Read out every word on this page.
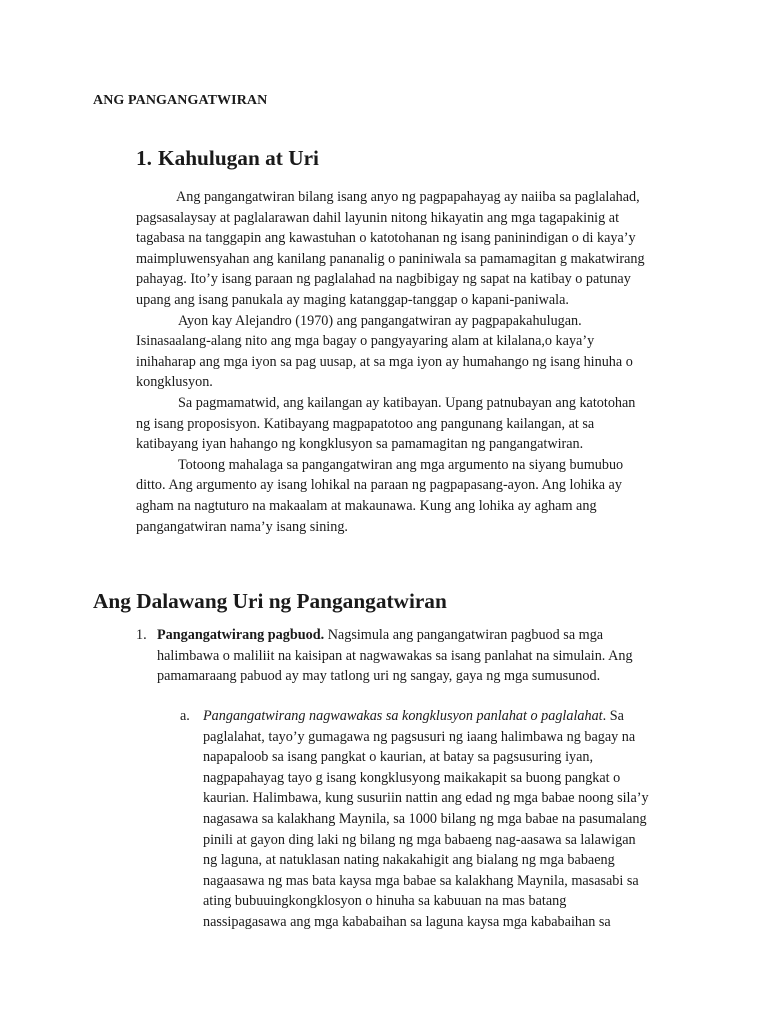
ANG PANGANGATWIRAN
1. Kahulugan at Uri

Ang pangangatwiran bilang isang anyo ng pagpapahayag ay naiiba sa paglalahad,
pagsasalaysay at paglalarawan dahil layunin nitong hikayatin ang mga tagapakinig at
tagabasa na tanggapin ang kawastuhan o katotohanan ng isang paninindigan o di kaya’y
maimpluwensyahan ang kanilang pananalig o paniniwala sa pamamagitan g makatwirang
pahayag. Ito’y isang paraan ng paglalahad na nagbibigay ng sapat na katibay o patunay
upang ang isang panukala ay maging katanggap-tanggap o kapani-paniwala.

Ayon kay Alejandro (1970) ang pangangatwiran ay pagpapakahulugan.
Isinasaalang-alang nito ang mga bagay o pangyayaring alam at kilalana,o kaya’y
inihaharap ang mga iyon sa pag uusap, at sa mga iyon ay humahango ng isang hinuha o
kongklusyon.

Sa pagmamatwid, ang kailangan ay katibayan. Upang patnubayan ang katotohan
ng isang proposisyon. Katibayang magpapatotoo ang pangunang kailangan, at sa
katibayang iyan hahango ng kongklusyon sa pamamagitan ng pangangatwiran.

Totoong mahalaga sa pangangatwiran ang mga argumento na siyang bumubuo
ditto. Ang argumento ay isang lohikal na paraan ng pagpapasang-ayon. Ang lohika ay
agham na nagtuturo na makaalam at makaunawa. Kung ang lohika ay agham ang
pangangatwiran nama’y isang sining.

Ang Dalawang Uri ng Pangangatwiran
1. Pangangatwirang pagbuod. Nagsimula ang pangangatwiran pagbuod sa mga
halimbawa o maliliit na kaisipan at nagwawakas sa isang panlahat na simulain. Ang
pamamaraang pabuod ay may tatlong uri ng sangay, gaya ng mga sumusunod.
a. Pangangatwirang nagwawakas sa kongklusyon panlahat o paglalahat. Sa
paglalahat, tayo’y gumagawa ng pagsusuri ng iaang halimbawa ng bagay na
napapaloob sa isang pangkat o kaurian, at batay sa pagsusuring iyan,
nagpapahayag tayo g isang kongklusyong maikakapit sa buong pangkat o
kaurian. Halimbawa, kung susuriin nattin ang edad ng mga babae noong sila’y
nagasawa sa kalakhang Maynila, sa 1000 bilang ng mga babae na pasumalang
pinili at gayon ding laki ng bilang ng mga babaeng nag-aasawa sa lalawigan
ng laguna, at natuklasan nating nakakahigit ang bialang ng mga babaeng
nagaasawa ng mas bata kaysa mga babae sa kalakhang Maynila, masasabi sa
ating bubuuingkongklosyon o hinuha sa kabuuan na mas batang
nassipagasawa ang mga kababaihan sa laguna kaysa mga kababaihan sa
